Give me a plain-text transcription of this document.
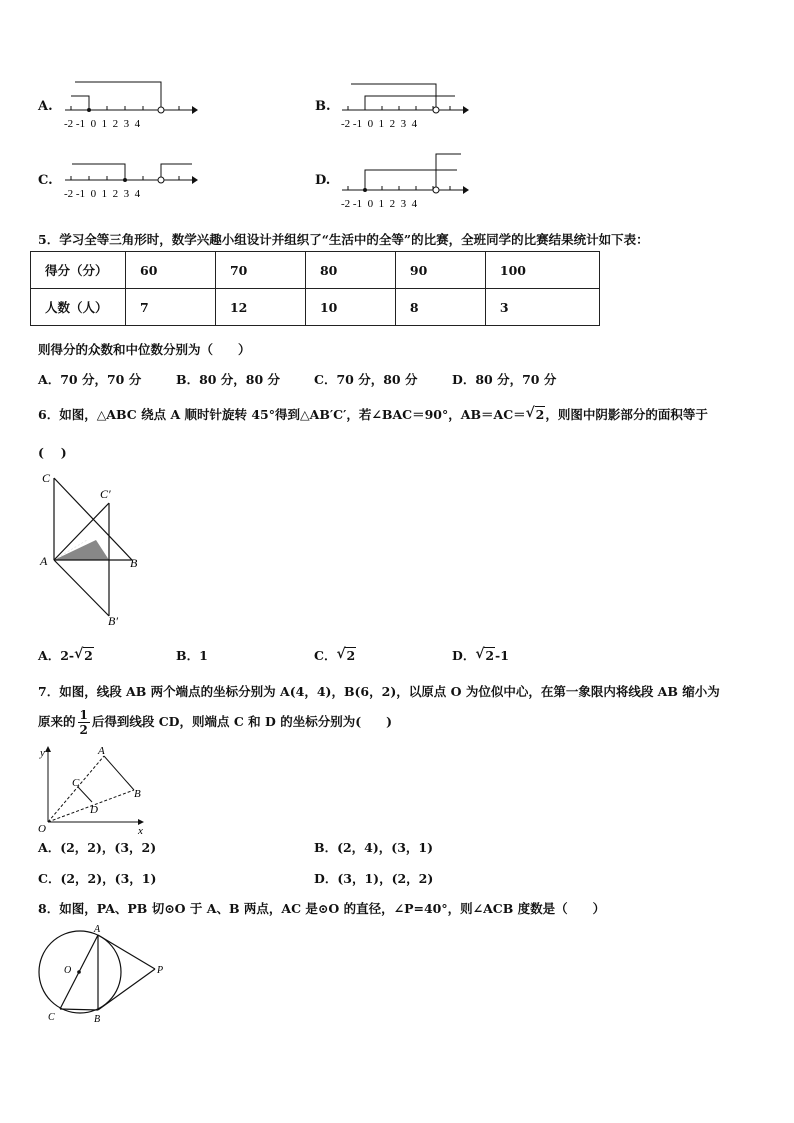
A.
-2 -1  0  1  2  3  4
B.
-2 -1  0  1  2  3  4
C.
-2 -1  0  1  2  3  4
D.
-2 -1  0  1  2  3  4
5．学习全等三角形时，数学兴趣小组设计并组织了“生活中的全等”的比赛，全班同学的比赛结果统计如下表：
得分（分）	60	70	80	90	100
人数（人）	7	12	10	8	3
则得分的众数和中位数分别为（　　）
A．70 分，70 分	B．80 分，80 分	C．70 分，80 分	D．80 分，70 分
6．如图，△ABC 绕点 A 顺时针旋转 45°得到△AB′C′，若∠BAC＝90°，AB＝AC＝ √ 2，则图中阴影部分的面积等于
(　 )
C
C′
A	B
B′
A．2- √ 2	B．1	C． √ 2	D． √ 2-1
7．如图，线段 AB 两个端点的坐标分别为 A(4，4)，B(6，2)，以原点 O 为位似中心，在第一象限内将线段 AB 缩小为
原来的 $\frac{1}{2}$ 后得到线段 CD，则端点 C 和 D 的坐标分别为(　　)
y
x
O
A
B
C
D
A．(2，2)，(3，2)	B．(2，4)，(3，1)
C．(2，2)，(3，1)	D．(3，1)，(2，2)
8．如图，PA、PB 切⊙O 于 A、B 两点，AC 是⊙O 的直径，∠P=40°，则∠ACB 度数是（　　）
A
B
C
O	P
